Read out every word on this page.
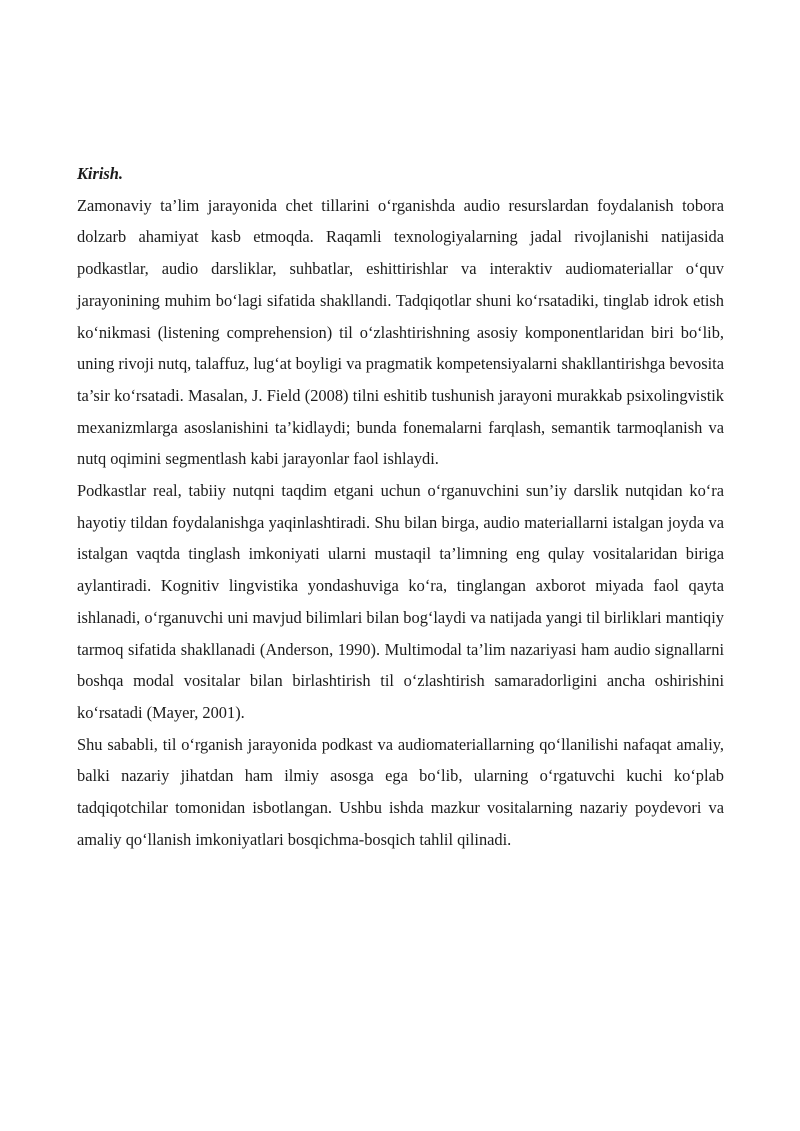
Kirish.

Zamonaviy ta’lim jarayonida chet tillarini o‘rganishda audio resurslardan foydalanish tobora dolzarb ahamiyat kasb etmoqda. Raqamli texnologiyalarning jadal rivojlanishi natijasida podkastlar, audio darsliklar, suhbatlar, eshittirishlar va interaktiv audiomateriallar o‘quv jarayonining muhim bo‘lagi sifatida shakllandi. Tadqiqotlar shuni ko‘rsatadiki, tinglab idrok etish ko‘nikmasi (listening comprehension) til o‘zlashtirishning asosiy komponentlaridan biri bo‘lib, uning rivoji nutq, talaffuz, lug‘at boyligi va pragmatik kompetensiyalarni shakllantirishga bevosita ta’sir ko‘rsatadi. Masalan, J. Field (2008) tilni eshitib tushunish jarayoni murakkab psixolingvistik mexanizmlarga asoslanishini ta’kidlaydi; bunda fonemalarni farqlash, semantik tarmoqlanish va nutq oqimini segmentlash kabi jarayonlar faol ishlaydi.

Podkastlar real, tabiiy nutqni taqdim etgani uchun o‘rganuvchini sun’iy darslik nutqidan ko‘ra hayotiy tildan foydalanishga yaqinlashtiradi. Shu bilan birga, audio materiallarni istalgan joyda va istalgan vaqtda tinglash imkoniyati ularni mustaqil ta’limning eng qulay vositalaridan biriga aylantiradi. Kognitiv lingvistika yondashuviga ko‘ra, tinglangan axborot miyada faol qayta ishlanadi, o‘rganuvchi uni mavjud bilimlari bilan bog‘laydi va natijada yangi til birliklari mantiqiy tarmoq sifatida shakllanadi (Anderson, 1990). Multimodal ta’lim nazariyasi ham audio signallarni boshqa modal vositalar bilan birlashtirish til o‘zlashtirish samaradorligini ancha oshirishini ko‘rsatadi (Mayer, 2001).

Shu sababli, til o‘rganish jarayonida podkast va audiomateriallarning qo‘llanilishi nafaqat amaliy, balki nazariy jihatdan ham ilmiy asosga ega bo‘lib, ularning o‘rgatuvchi kuchi ko‘plab tadqiqotchilar tomonidan isbotlangan. Ushbu ishda mazkur vositalarning nazariy poydevori va amaliy qo‘llanish imkoniyatlari bosqichma-bosqich tahlil qilinadi.
